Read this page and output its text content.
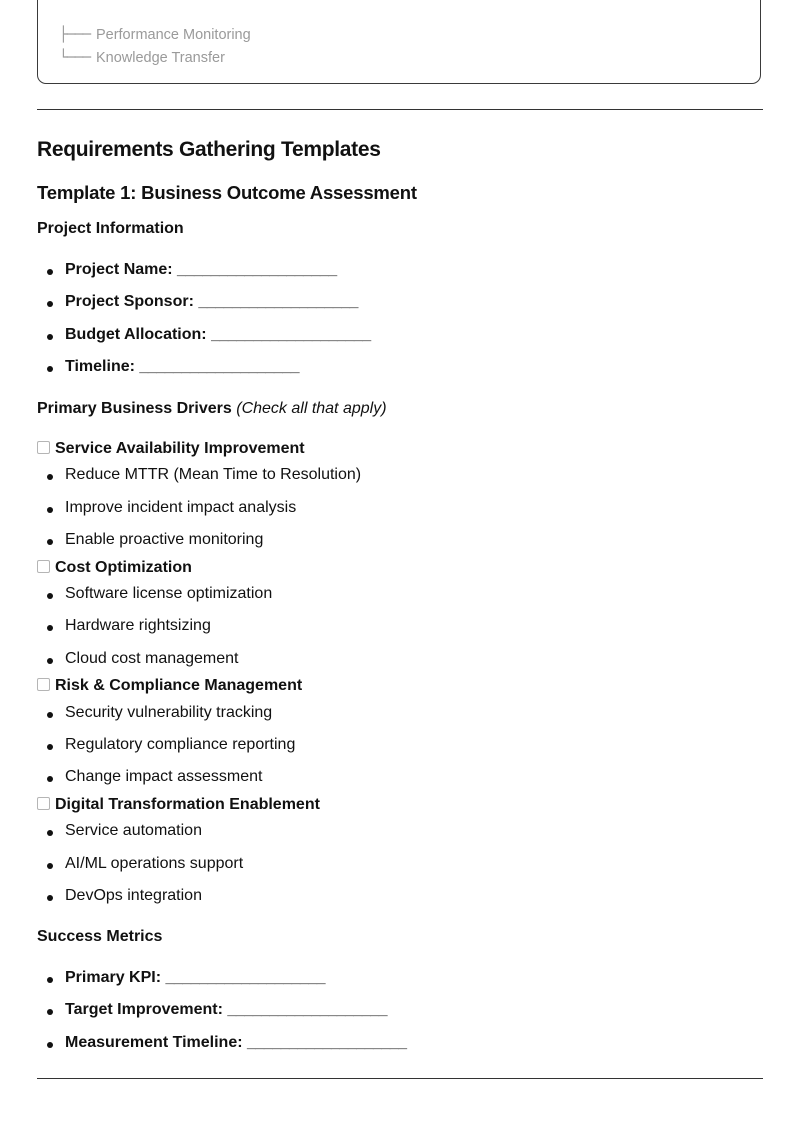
├─── Performance Monitoring
└─── Knowledge Transfer
Requirements Gathering Templates
Template 1: Business Outcome Assessment
Project Information
Project Name: ___________________
Project Sponsor: ___________________
Budget Allocation: ___________________
Timeline: ___________________
Primary Business Drivers (Check all that apply)
Service Availability Improvement
Reduce MTTR (Mean Time to Resolution)
Improve incident impact analysis
Enable proactive monitoring
Cost Optimization
Software license optimization
Hardware rightsizing
Cloud cost management
Risk & Compliance Management
Security vulnerability tracking
Regulatory compliance reporting
Change impact assessment
Digital Transformation Enablement
Service automation
AI/ML operations support
DevOps integration
Success Metrics
Primary KPI: ___________________
Target Improvement: ___________________
Measurement Timeline: ___________________
